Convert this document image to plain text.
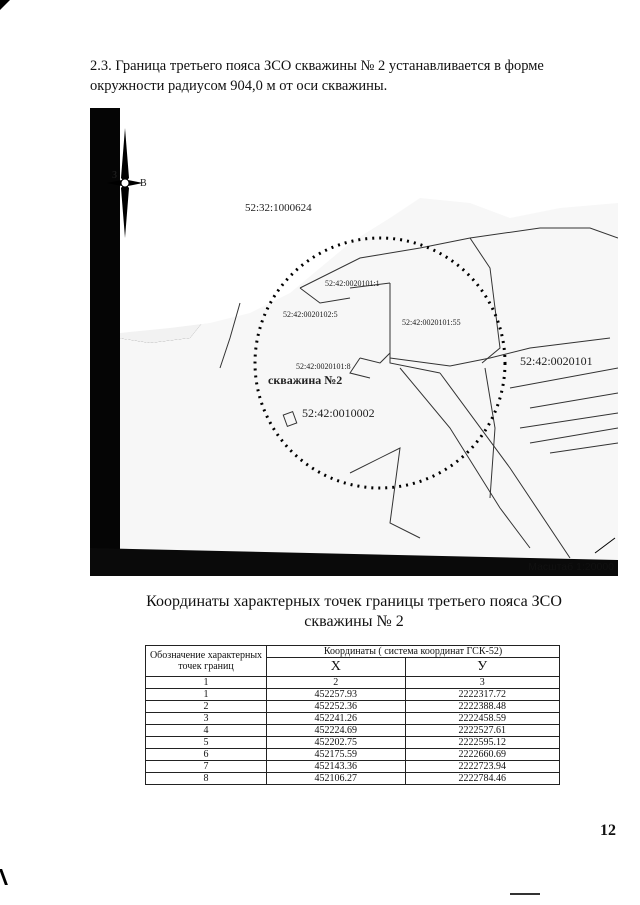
2.3. Граница третьего пояса ЗСО скважины № 2 устанавливается в форме
окружности радиусом 904,0 м от оси скважины.
З
В
52:32:1000624
52:42:0020101:1
52:42:0020102:5
52:42:0020101:55
52:42:0020101:8	52:42:0020101
52:42:0010002
скважина №2
Масштаб 1:20000
Координаты характерных точек границы третьего пояса ЗСО
скважины № 2
Обозначение характерных точек границ	Координаты ( система координат ГСК-52)	
	X	У
1	2	3
1	452257.93	2222317.72
2	452252.36	2222388.48
3	452241.26	2222458.59
4	452224.69	2222527.61
5	452202.75	2222595.12
6	452175.59	2222660.69
7	452143.36	2222723.94
8	452106.27	2222784.46
12
